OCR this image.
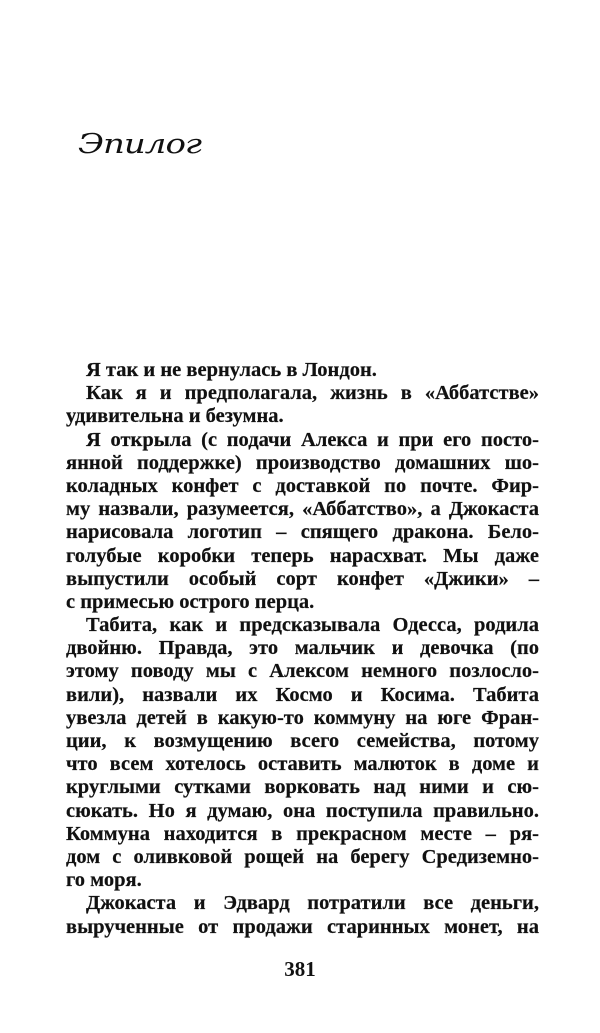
Эпилог
Я так и не вернулась в Лондон.
Как я и предполагала, жизнь в «Аббатстве»
удивительна и безумна.
Я открыла (с подачи Алекса и при его посто-
янной поддержке) производство домашних шо-
коладных конфет с доставкой по почте. Фир-
му назвали, разумеется, «Аббатство», а Джокаста
нарисовала логотип – спящего дракона. Бело-
голубые коробки теперь нарасхват. Мы даже
выпустили особый сорт конфет «Джики» –
с примесью острого перца.
Табита, как и предсказывала Одесса, родила
двойню. Правда, это мальчик и девочка (по
этому поводу мы с Алексом немного позлосло-
вили), назвали их Космо и Косима. Табита
увезла детей в какую-то коммуну на юге Фран-
ции, к возмущению всего семейства, потому
что всем хотелось оставить малюток в доме и
круглыми сутками ворковать над ними и сю-
сюкать. Но я думаю, она поступила правильно.
Коммуна находится в прекрасном месте – ря-
дом с оливковой рощей на берегу Средиземно-
го моря.
Джокаста и Эдвард потратили все деньги,
вырученные от продажи старинных монет, на
381
